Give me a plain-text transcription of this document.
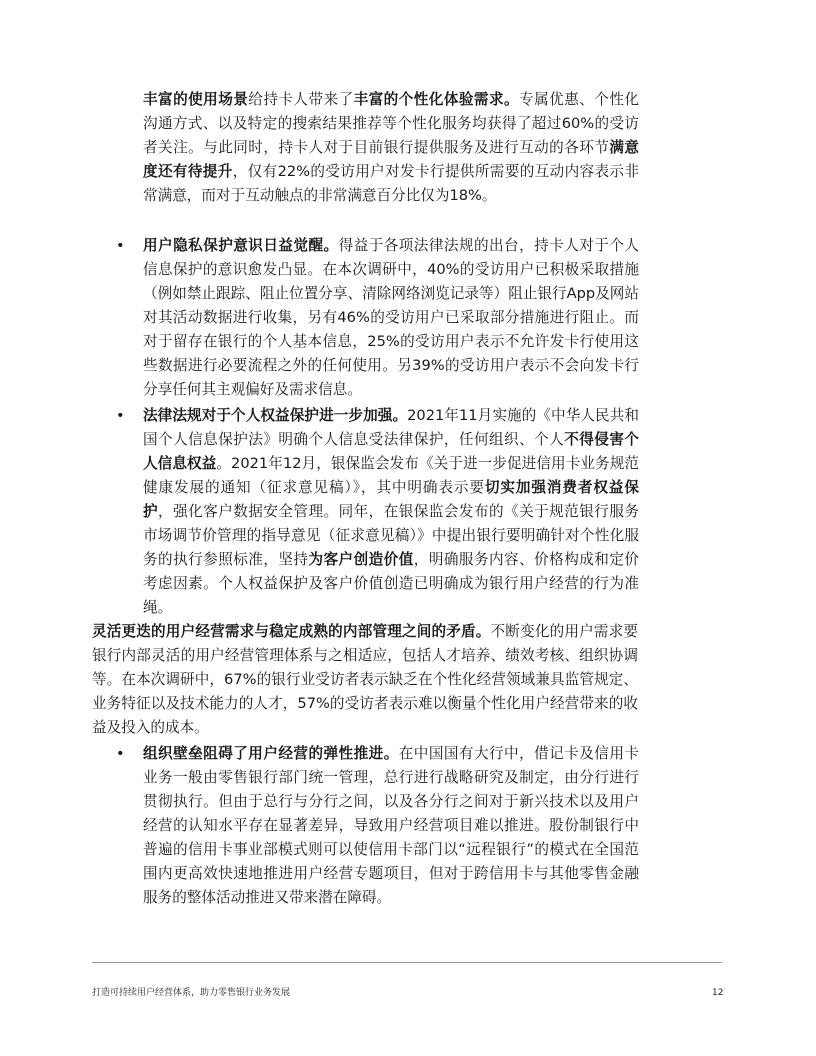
丰富的使用场景给持卡人带来了丰富的个性化体验需求。专属优惠、个性化沟通方式、以及特定的搜索结果推荐等个性化服务均获得了超过60%的受访者关注。与此同时，持卡人对于目前银行提供服务及进行互动的各环节满意度还有待提升，仅有22%的受访用户对发卡行提供所需要的互动内容表示非常满意，而对于互动触点的非常满意百分比仅为18%。

• 用户隐私保护意识日益觉醒。得益于各项法律法规的出台，持卡人对于个人信息保护的意识愈发凸显。在本次调研中，40%的受访用户已积极采取措施（例如禁止跟踪、阻止位置分享、清除网络浏览记录等）阻止银行App及网站对其活动数据进行收集，另有46%的受访用户已采取部分措施进行阻止。而对于留存在银行的个人基本信息，25%的受访用户表示不允许发卡行使用这些数据进行必要流程之外的任何使用。另39%的受访用户表示不会向发卡行分享任何其主观偏好及需求信息。

• 法律法规对于个人权益保护进一步加强。2021年11月实施的《中华人民共和国个人信息保护法》明确个人信息受法律保护，任何组织、个人不得侵害个人信息权益。2021年12月，银保监会发布《关于进一步促进信用卡业务规范健康发展的通知（征求意见稿）》，其中明确表示要切实加强消费者权益保护，强化客户数据安全管理。同年，在银保监会发布的《关于规范银行服务市场调节价管理的指导意见（征求意见稿）》中提出银行要明确针对个性化服务的执行参照标准，坚持为客户创造价值，明确服务内容、价格构成和定价考虑因素。个人权益保护及客户价值创造已明确成为银行用户经营的行为准绳。

灵活更迭的用户经营需求与稳定成熟的内部管理之间的矛盾。不断变化的用户需求要银行内部灵活的用户经营管理体系与之相适应，包括人才培养、绩效考核、组织协调等。在本次调研中，67%的银行业受访者表示缺乏在个性化经营领域兼具监管规定、业务特征以及技术能力的人才，57%的受访者表示难以衡量个性化用户经营带来的收益及投入的成本。

• 组织壁垒阻碍了用户经营的弹性推进。在中国国有大行中，借记卡及信用卡业务一般由零售银行部门统一管理，总行进行战略研究及制定，由分行进行贯彻执行。但由于总行与分行之间，以及各分行之间对于新兴技术以及用户经营的认知水平存在显著差异，导致用户经营项目难以推进。股份制银行中普遍的信用卡事业部模式则可以使信用卡部门以“远程银行”的模式在全国范围内更高效快速地推进用户经营专题项目，但对于跨信用卡与其他零售金融服务的整体活动推进又带来潜在障碍。

打造可持续用户经营体系，助力零售银行业务发展	12
